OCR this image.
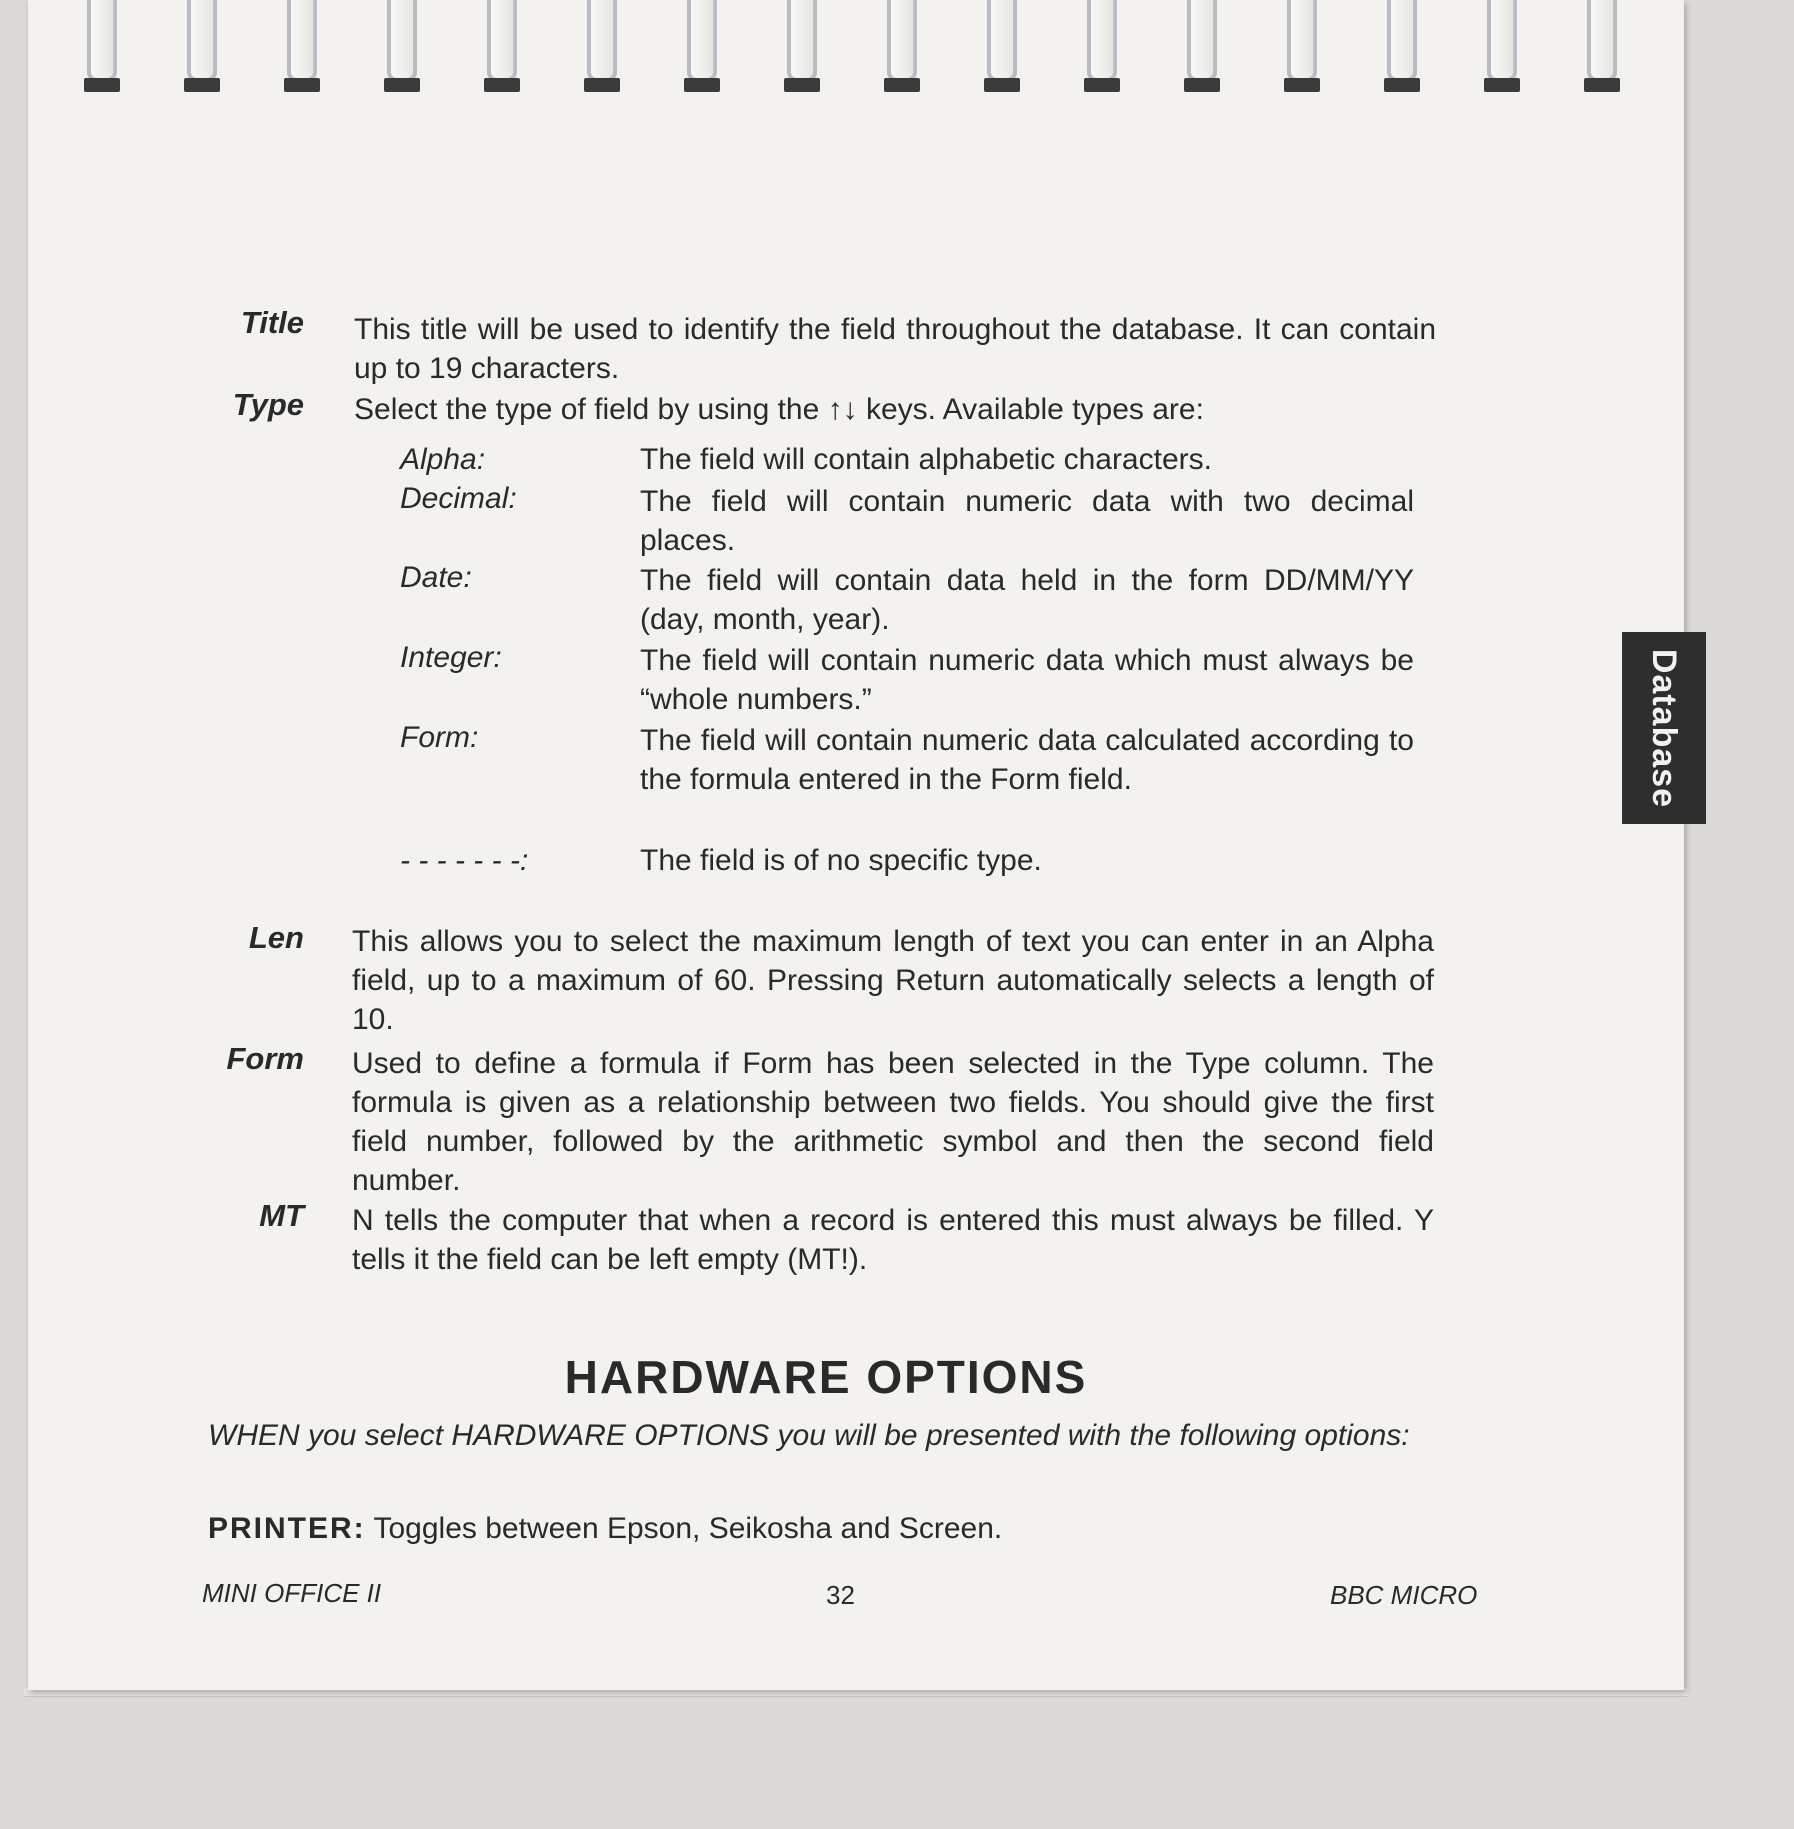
Database
Title This title will be used to identify the field throughout the database. It can contain up to 19 characters.
Type Select the type of field by using the ↑↓ keys. Available types are:
Alpha:	The field will contain alphabetic characters.
Decimal:	The field will contain numeric data with two decimal places.
Date:	The field will contain data held in the form DD/MM/YY (day, month, year).
Integer:	The field will contain numeric data which must always be “whole numbers.”
Form:	The field will contain numeric data calculated according to the formula entered in the Form field.
- - - - - - -:	The field is of no specific type.
Len This allows you to select the maximum length of text you can enter in an Alpha field, up to a maximum of 60. Pressing Return automatically selects a length of 10.
Form Used to define a formula if Form has been selected in the Type column. The formula is given as a relationship between two fields. You should give the first field number, followed by the arithmetic symbol and then the second field number.
MT N tells the computer that when a record is entered this must always be filled. Y tells it the field can be left empty (MT!).
HARDWARE OPTIONS
WHEN you select HARDWARE OPTIONS you will be presented with the following options:
PRINTER: Toggles between Epson, Seikosha and Screen.
MINI OFFICE II	32	BBC MICRO
